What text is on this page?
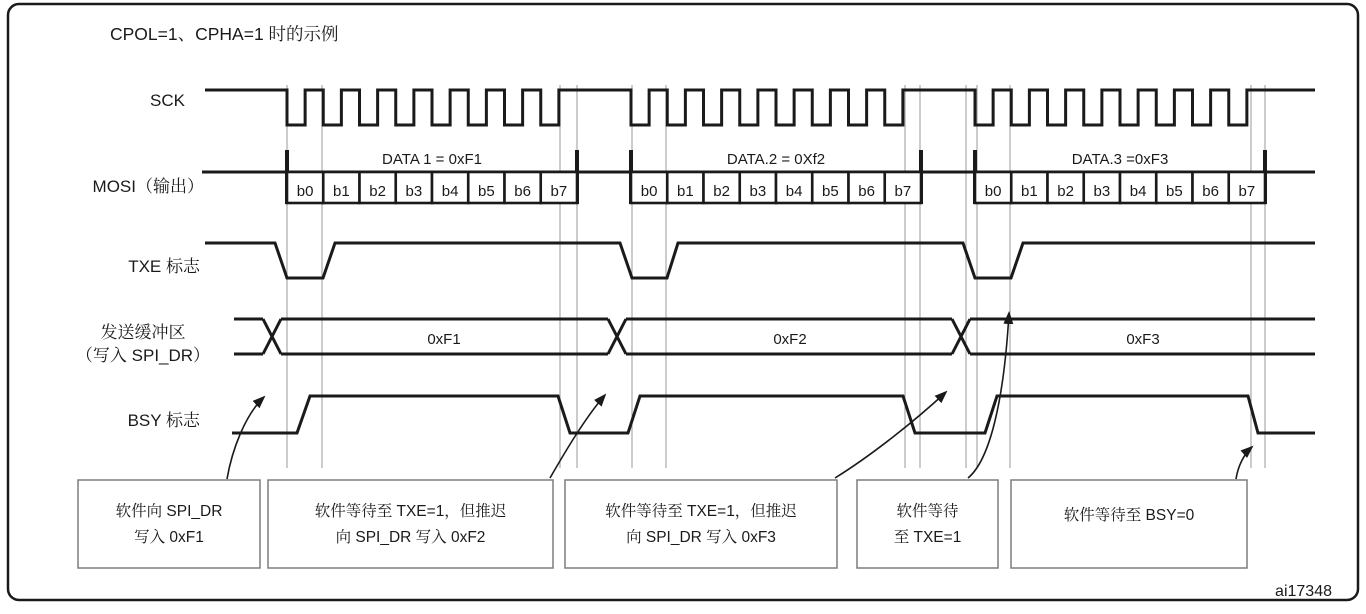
CPOL=1、CPHA=1 时的示例
SCK
MOSI（输出）
TXE 标志
发送缓冲区
（写入 SPI_DR）
BSY 标志
DATA 1 = 0xF1
b0 b1 b2 b3 b4 b5 b6 b7
DATA.2 = 0Xf2
b0 b1 b2 b3 b4 b5 b6 b7
DATA.3 =0xF3
b0 b1 b2 b3 b4 b5 b6 b7
0xF1	0xF2	0xF3
软件向 SPI_DR
写入 0xF1
软件等待至 TXE=1，但推迟
向 SPI_DR 写入 0xF2
软件等待至 TXE=1，但推迟
向 SPI_DR 写入 0xF3
软件等待
至 TXE=1
软件等待至 BSY=0
ai17348
